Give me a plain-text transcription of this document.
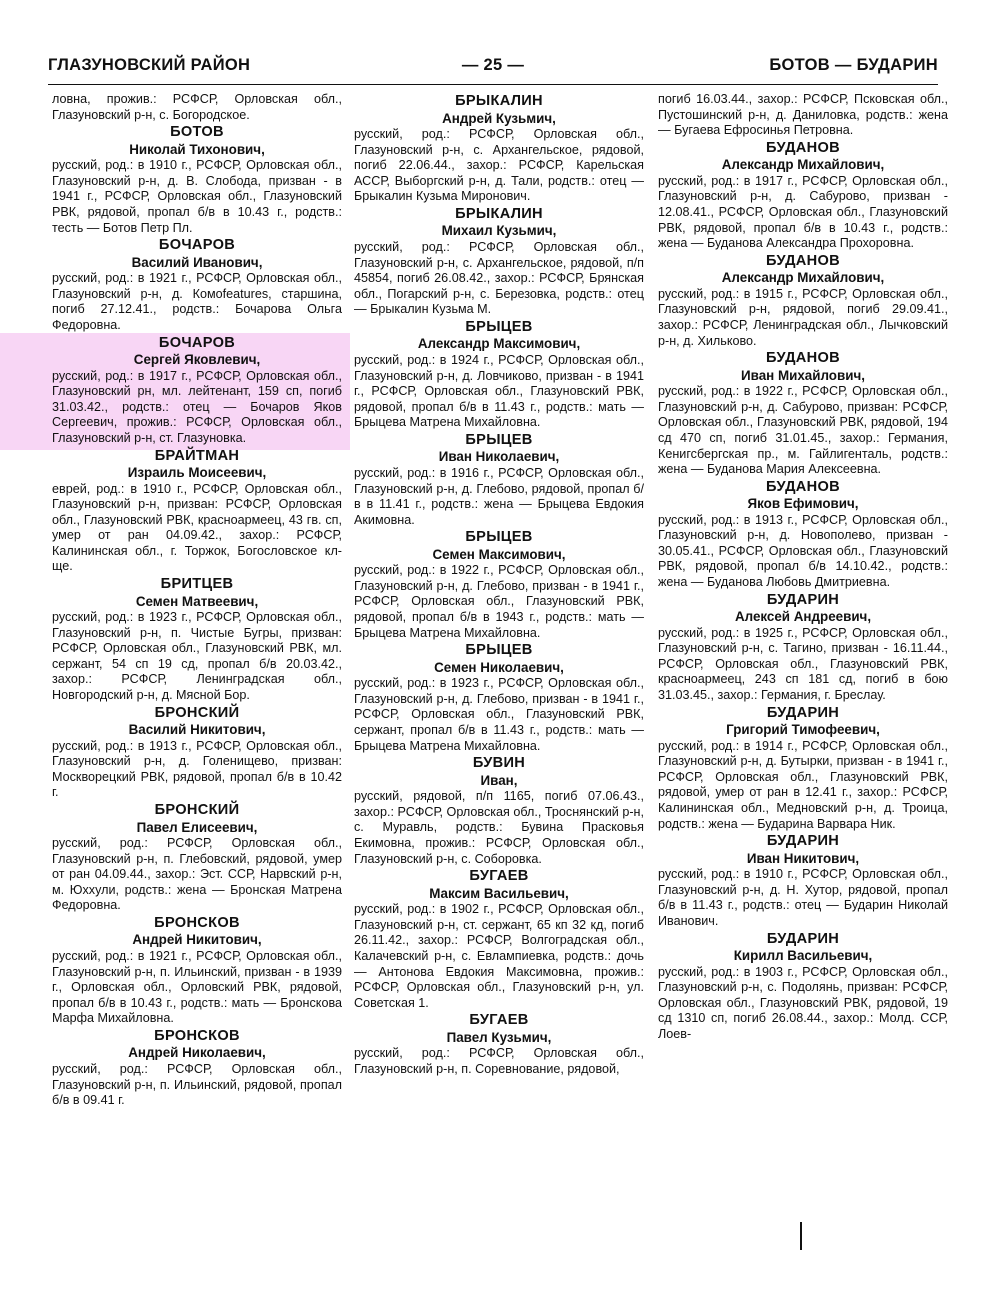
ГЛАЗУНОВСКИЙ РАЙОН	— 25 —	БОТОВ — БУДАРИН

ловна, прожив.: РСФСР, Орловская обл., Глазуновский р-н, с. Богородское.

БОТОВ
Николай Тихонович,

русский, род.: в 1910 г., РСФСР, Орловская обл., Глазуновский р-н, д. В. Слобода, призван - в 1941 г., РСФСР, Орловская обл., Глазуновский РВК, рядовой, пропал б/в в 10.43 г., родств.: тесть — Ботов Петр Пл.

БОЧАРОВ
Василий Иванович,

русский, род.: в 1921 г., РСФСР, Орловская обл., Глазуновский р-н, д. Комоfeatures, старшина, погиб 27.12.41., родств.: Бочарова Ольга Федоровна.

БОЧАРОВ
Сергей Яковлевич,

русский, род.: в 1917 г., РСФСР, Орловская обл., Глазуновский рн, мл. лейтенант, 159 сп, погиб 31.03.42., родств.: отец — Бочаров Яков Сергеевич, прожив.: РСФСР, Орловская обл., Глазуновский р-н, ст. Глазуновка.

БРАЙТМАН
Израиль Моисеевич,

еврей, род.: в 1910 г., РСФСР, Орловская обл., Глазуновский р-н, призван: РСФСР, Орловская обл., Глазуновский РВК, красноармеец, 43 гв. сп, умер от ран 04.09.42., захор.: РСФСР, Калининская обл., г. Торжок, Богословское кл-ще.

БРИТЦЕВ
Семен Матвеевич,

русский, род.: в 1923 г., РСФСР, Орловская обл., Глазуновский р-н, п. Чистые Бугры, призван: РСФСР, Орловская обл., Глазуновский РВК, мл. сержант, 54 сп 19 сд, пропал б/в 20.03.42., захор.: РСФСР, Ленинградская обл., Новгородский р-н, д. Мясной Бор.

БРОНСКИЙ
Василий Никитович,

русский, род.: в 1913 г., РСФСР, Орловская обл., Глазуновский р-н, д. Голенищево, призван: Москворецкий РВК, рядовой, пропал б/в в 10.42 г.

БРОНСКИЙ
Павел Елисеевич,

русский, род.: РСФСР, Орловская обл., Глазуновский р-н, п. Глебовский, рядовой, умер от ран 04.09.44., захор.: Эст. ССР, Нарвский р-н, м. Юххули, родств.: жена — Бронская Матрена Федоровна.

БРОНСКОВ
Андрей Никитович,

русский, род.: в 1921 г., РСФСР, Орловская обл., Глазуновский р-н, п. Ильинский, призван - в 1939 г., Орловская обл., Орловский РВК, рядовой, пропал б/в в 10.43 г., родств.: мать — Бронскова Марфа Михайловна.

БРОНСКОВ
Андрей Николаевич,

русский, род.: РСФСР, Орловская обл., Глазуновский р-н, п. Ильинский, рядовой, пропал б/в в 09.41 г.

БРЫКАЛИН
Андрей Кузьмич,

русский, род.: РСФСР, Орловская обл., Глазуновский р-н, с. Архангельское, рядовой, погиб 22.06.44., захор.: РСФСР, Карельская АССР, Выборгский р-н, д. Тали, родств.: отец — Брыкалин Кузьма Миронович.

БРЫКАЛИН
Михаил Кузьмич,

русский, род.: РСФСР, Орловская обл., Глазуновский р-н, с. Архангельское, рядовой, п/п 45854, погиб 26.08.42., захор.: РСФСР, Брянская обл., Погарский р-н, с. Березовка, родств.: отец — Брыкалин Кузьма М.

БРЫЦЕВ
Александр Максимович,

русский, род.: в 1924 г., РСФСР, Орловская обл., Глазуновский р-н, д. Ловчиково, призван - в 1941 г., РСФСР, Орловская обл., Глазуновский РВК, рядовой, пропал б/в в 11.43 г., родств.: мать — Брыцева Матрена Михайловна.

БРЫЦЕВ
Иван Николаевич,

русский, род.: в 1916 г., РСФСР, Орловская обл., Глазуновский р-н, д. Глебово, рядовой, пропал б/в в 11.41 г., родств.: жена — Брыцева Евдокия Акимовна.

БРЫЦЕВ
Семен Максимович,

русский, род.: в 1922 г., РСФСР, Орловская обл., Глазуновский р-н, д. Глебово, призван - в 1941 г., РСФСР, Орловская обл., Глазуновский РВК, рядовой, пропал б/в в 1943 г., родств.: мать — Брыцева Матрена Михайловна.

БРЫЦЕВ
Семен Николаевич,

русский, род.: в 1923 г., РСФСР, Орловская обл., Глазуновский р-н, д. Глебово, призван - в 1941 г., РСФСР, Орловская обл., Глазуновский РВК, сержант, пропал б/в в 11.43 г., родств.: мать — Брыцева Матрена Михайловна.

БУВИН
Иван,

русский, рядовой, п/п 1165, погиб 07.06.43., захор.: РСФСР, Орловская обл., Троснянский р-н, с. Муравль, родств.: Бувина Прасковья Екимовна, прожив.: РСФСР, Орловская обл., Глазуновский р-н, с. Соборовка.

БУГАЕВ
Максим Васильевич,

русский, род.: в 1902 г., РСФСР, Орловская обл., Глазуновский р-н, ст. сержант, 65 кп 32 кд, погиб 26.11.42., захор.: РСФСР, Волгоградская обл., Калачевский р-н, с. Евлампиевка, родств.: дочь — Антонова Евдокия Максимовна, прожив.: РСФСР, Орловская обл., Глазуновский р-н, ул. Советская 1.

БУГАЕВ
Павел Кузьмич,

русский, род.: РСФСР, Орловская обл., Глазуновский р-н, п. Соревнование, рядовой,

погиб 16.03.44., захор.: РСФСР, Псковская обл., Пустошинский р-н, д. Даниловка, родств.: жена — Бугаева Ефросинья Петровна.

БУДАНОВ
Александр Михайлович,

русский, род.: в 1917 г., РСФСР, Орловская обл., Глазуновский р-н, д. Сабурово, призван - 12.08.41., РСФСР, Орловская обл., Глазуновский РВК, рядовой, пропал б/в в 10.43 г., родств.: жена — Буданова Александра Прохоровна.

БУДАНОВ
Александр Михайлович,

русский, род.: в 1915 г., РСФСР, Орловская обл., Глазуновский р-н, рядовой, погиб 29.09.41., захор.: РСФСР, Ленинградская обл., Лычковский р-н, д. Хильково.

БУДАНОВ
Иван Михайлович,

русский, род.: в 1922 г., РСФСР, Орловская обл., Глазуновский р-н, д. Сабурово, призван: РСФСР, Орловская обл., Глазуновский РВК, рядовой, 194 сд 470 сп, погиб 31.01.45., захор.: Германия, Кенигсбергская пр., м. Гайлигенталь, родств.: жена — Буданова Мария Алексеевна.

БУДАНОВ
Яков Ефимович,

русский, род.: в 1913 г., РСФСР, Орловская обл., Глазуновский р-н, д. Новополево, призван - 30.05.41., РСФСР, Орловская обл., Глазуновский РВК, рядовой, пропал б/в 14.10.42., родств.: жена — Буданова Любовь Дмитриевна.

БУДАРИН
Алексей Андреевич,

русский, род.: в 1925 г., РСФСР, Орловская обл., Глазуновский р-н, с. Тагино, призван - 16.11.44., РСФСР, Орловская обл., Глазуновский РВК, красноармеец, 243 сп 181 сд, погиб в бою 31.03.45., захор.: Германия, г. Бреслау.

БУДАРИН
Григорий Тимофеевич,

русский, род.: в 1914 г., РСФСР, Орловская обл., Глазуновский р-н, д. Бутырки, призван - в 1941 г., РСФСР, Орловская обл., Глазуновский РВК, рядовой, умер от ран в 12.41 г., захор.: РСФСР, Калининская обл., Медновский р-н, д. Троица, родств.: жена — Бударина Варвара Ник.

БУДАРИН
Иван Никитович,

русский, род.: в 1910 г., РСФСР, Орловская обл., Глазуновский р-н, д. Н. Хутор, рядовой, пропал б/в в 11.43 г., родств.: отец — Бударин Николай Иванович.

БУДАРИН
Кирилл Васильевич,

русский, род.: в 1903 г., РСФСР, Орловская обл., Глазуновский р-н, с. Подолянь, призван: РСФСР, Орловская обл., Глазуновский РВК, рядовой, 19 сд 1310 сп, погиб 26.08.44., захор.: Молд. ССР, Лоев-
